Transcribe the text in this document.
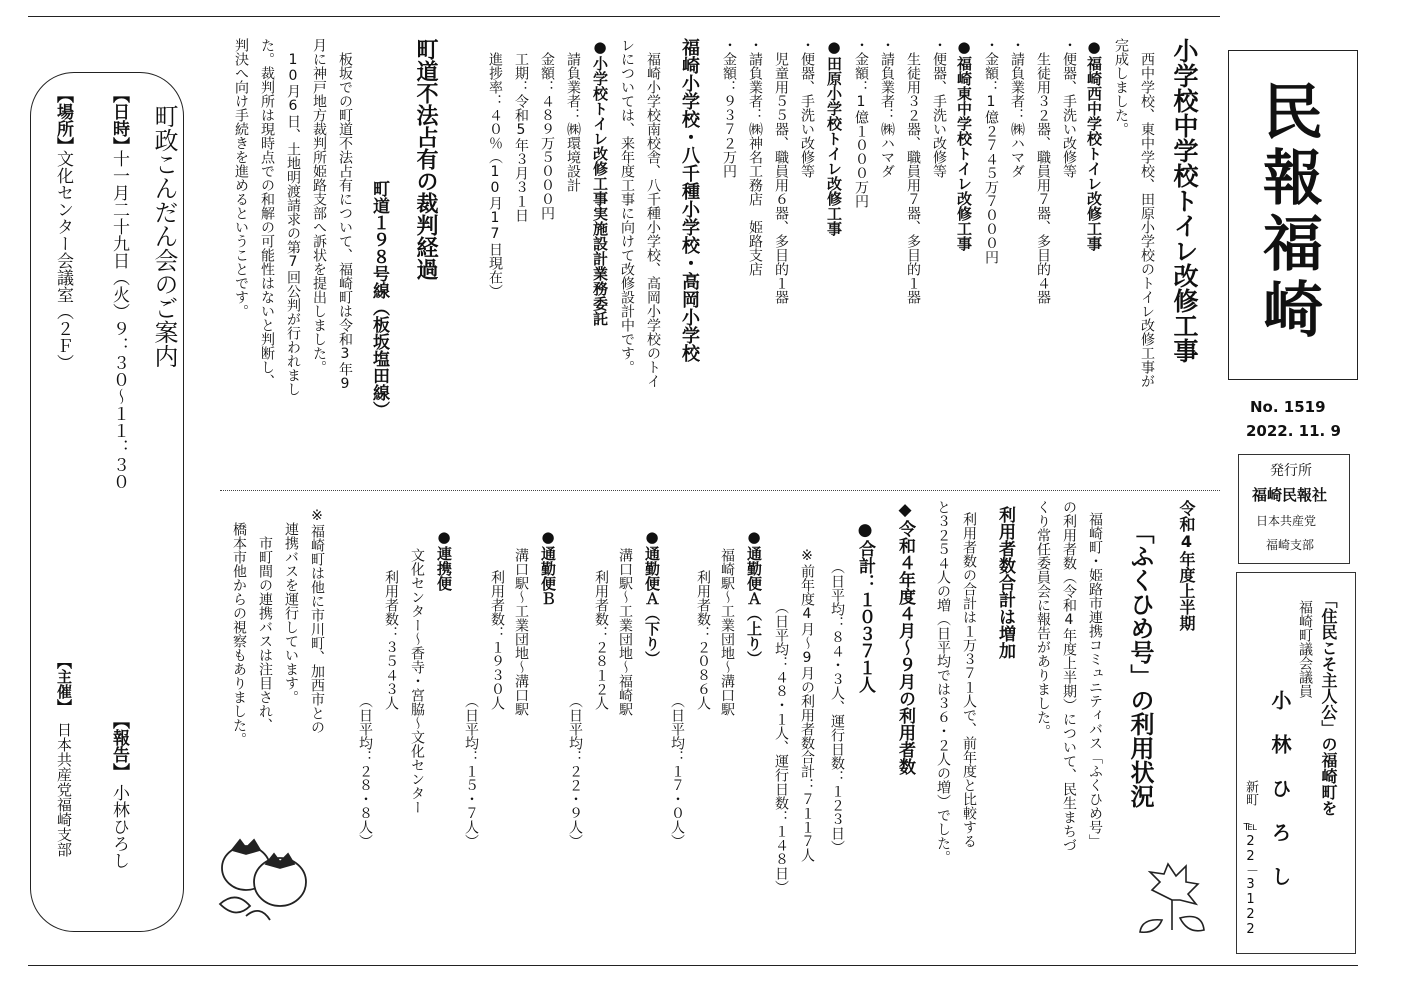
民報福崎
No. 1519
2022. 11. 9
発行所
福崎民報社
日本共産党
福崎支部
「住民こそ主人公」の福崎町を
福崎町議会議員
小 林 ひ ろ し
新町　℡22－3122
小学校中学校トイレ改修工事
西中学校、東中学校、田原小学校のトイレ改修工事が
完成しました。
●福崎西中学校トイレ改修工事
・便器、手洗い改修等
生徒用３２器、職員用７器、多目的４器
・請負業者：㈱ハマダ
・金額：1億２７４５万７０００円
●福崎東中学校トイレ改修工事
・便器、手洗い改修等
生徒用３２器、職員用７器、多目的１器
・請負業者：㈱ハマダ
・金額：1億１０００万円
●田原小学校トイレ改修工事
・便器、手洗い改修等
児童用５５器、職員用６器、多目的１器
・請負業者：㈱神名工務店　姫路支店
・金額：９３７２万円
福崎小学校・八千種小学校・高岡小学校
福崎小学校南校舎、八千種小学校、高岡小学校のトイ
レについては、来年度工事に向けて改修設計中です。
●小学校トイレ改修工事実施設計業務委託
請負業者：㈱環境設計
金額：４８９万５０００円
工期：令和5年３月３１日
進捗率：４０％（10月17日現在）
町道不法占有の裁判経過
町道１９８号線（板坂塩田線）
板坂での町道不法占有について、福崎町は令和3年9
月に神戸地方裁判所姫路支部へ訴状を提出しました。
10月6日、土地明渡請求の第7回公判が行われまし
た。裁判所は現時点での和解の可能性はないと判断し、
判決へ向け手続きを進めるということです。
町政こんだん会のご案内
【日時】
十一月二十九日（火）９：３０～１１：３０
【場所】
文化センター会議室（２Ｆ）
【報告】
小林ひろし
【主催】
日本共産党福崎支部
令和4年度上半期
「ふくひめ号」の利用状況
福崎町・姫路市連携コミュニティバス「ふくひめ号」
の利用者数（令和4年度上半期）について、民生まちづ
くり常任委員会に報告がありました。
利用者数合計は増加
利用者数の合計は１万３７１人で、前年度と比較する
と３２５４人の増（日平均では３６・２人の増）でした。
◆令和４年度４月～９月の利用者数
●合計：１０３７１人
（日平均：８４・３人、運行日数：１２３日）
※前年度4月～9月の利用者数合計：７１１７人
（日平均：４８・１人、運行日数：１４８日）
●通勤便Ａ（上り）
福崎駅～工業団地～溝口駅
利用者数：２０８６人
（日平均：１７・０人）
●通勤便Ａ（下り）
溝口駅～工業団地～福崎駅
利用者数：２８１２人
（日平均：２２・９人）
●通勤便Ｂ
溝口駅～工業団地～溝口駅
利用者数：１９３０人
（日平均：１５・７人）
●連携便
文化センター～香寺・宮脇～文化センター
利用者数：３５４３人
（日平均：２８・８人）
※福崎町は他に市川町、加西市との
連携バスを運行しています。
市町間の連携バスは注目され、
橋本市他からの視察もありました。
